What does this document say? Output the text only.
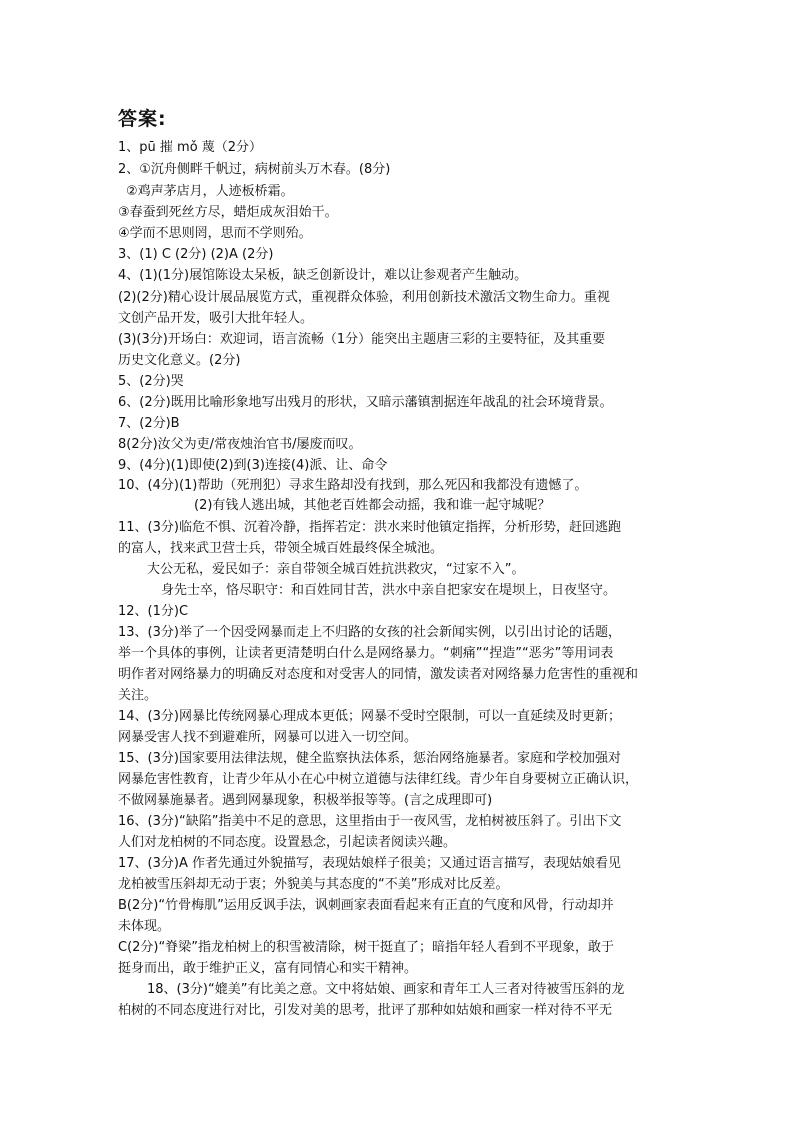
答案:
1、pū 摧 mǒ 蔑（2分）
2、①沉舟侧畔千帆过，病树前头万木春。(8分)
②鸡声茅店月，人迹板桥霜。
③春蚕到死丝方尽，蜡炬成灰泪始干。
④学而不思则罔，思而不学则殆。
3、(1) C (2分) (2)A (2分)
4、(1)(1分)展馆陈设太呆板，缺乏创新设计，难以让参观者产生触动。
(2)(2分)精心设计展品展览方式，重视群众体验，利用创新技术激活文物生命力。重视
文创产品开发，吸引大批年轻人。
(3)(3分)开场白：欢迎词，语言流畅（1分）能突出主题唐三彩的主要特征，及其重要
历史文化意义。(2分)
5、(2分)哭
6、(2分)既用比喻形象地写出残月的形状，又暗示藩镇割据连年战乱的社会环境背景。
7、(2分)B
8(2分)汝父为吏/常夜烛治官书/屡废而叹。
9、(4分)(1)即使(2)到(3)连接(4)派、让、命令
10、(4分)(1)帮助（死刑犯）寻求生路却没有找到，那么死囚和我都没有遗憾了。
(2)有钱人逃出城，其他老百姓都会动摇，我和谁一起守城呢？
11、(3分)临危不惧、沉着冷静，指挥若定：洪水来时他镇定指挥，分析形势，赶回逃跑
的富人，找来武卫营士兵，带领全城百姓最终保全城池。
大公无私，爱民如子：亲自带领全城百姓抗洪救灾，“过家不入”。
身先士卒，恪尽职守：和百姓同甘苦，洪水中亲自把家安在堤坝上，日夜坚守。
12、(1分)C
13、(3分)举了一个因受网暴而走上不归路的女孩的社会新闻实例，以引出讨论的话题，
举一个具体的事例，让读者更清楚明白什么是网络暴力。“刺痛”“捏造”“恶劣”等用词表
明作者对网络暴力的明确反对态度和对受害人的同情，激发读者对网络暴力危害性的重视和
关注。
14、(3分)网暴比传统网暴心理成本更低；网暴不受时空限制，可以一直延续及时更新；
网暴受害人找不到避难所，网暴可以进入一切空间。
15、(3分)国家要用法律法规，健全监察执法体系，惩治网络施暴者。家庭和学校加强对
网暴危害性教育，让青少年从小在心中树立道德与法律红线。青少年自身要树立正确认识，
不做网暴施暴者。遇到网暴现象，积极举报等等。(言之成理即可)
16、(3分)“缺陷”指美中不足的意思，这里指由于一夜风雪，龙柏树被压斜了。引出下文
人们对龙柏树的不同态度。设置悬念，引起读者阅读兴趣。
17、(3分)A 作者先通过外貌描写，表现姑娘样子很美；又通过语言描写，表现姑娘看见
龙柏被雪压斜却无动于衷；外貌美与其态度的“不美”形成对比反差。
B(2分)“竹骨梅肌”运用反讽手法，讽刺画家表面看起来有正直的气度和风骨，行动却并
未体现。
C(2分)“脊梁”指龙柏树上的积雪被清除，树干挺直了；暗指年轻人看到不平现象，敢于
挺身而出，敢于维护正义，富有同情心和实干精神。
18、(3分)“媲美”有比美之意。文中将姑娘、画家和青年工人三者对待被雪压斜的龙
柏树的不同态度进行对比，引发对美的思考，批评了那种如姑娘和画家一样对待不平无
